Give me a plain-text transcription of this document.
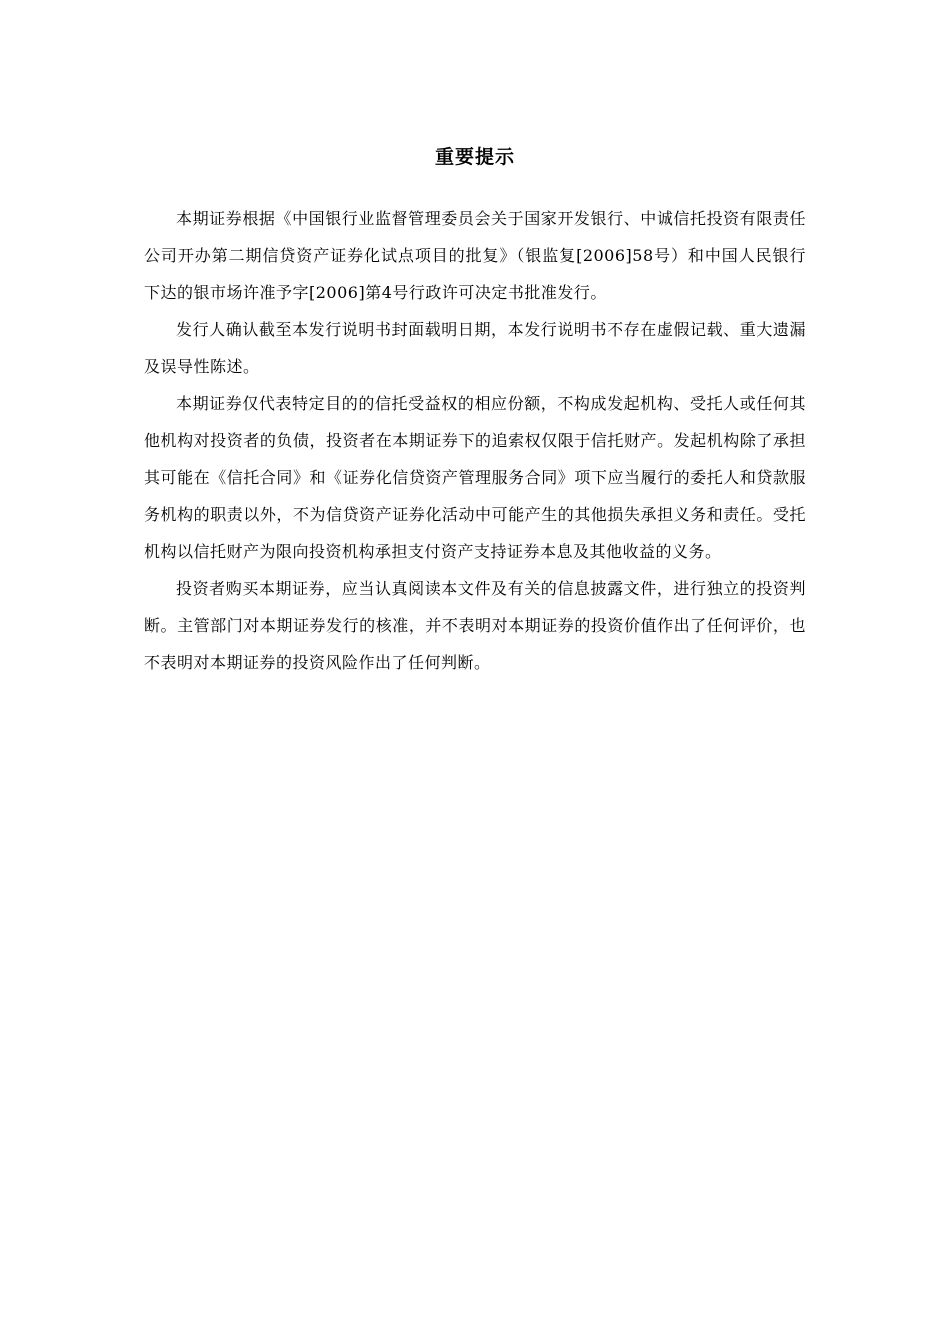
重要提示

本期证券根据《中国银行业监督管理委员会关于国家开发银行、中诚信托投资有限责任公司开办第二期信贷资产证券化试点项目的批复》（银监复[2006]58号）和中国人民银行下达的银市场许准予字[2006]第4号行政许可决定书批准发行。

发行人确认截至本发行说明书封面载明日期，本发行说明书不存在虚假记载、重大遗漏及误导性陈述。

本期证券仅代表特定目的的信托受益权的相应份额，不构成发起机构、受托人或任何其他机构对投资者的负债，投资者在本期证券下的追索权仅限于信托财产。发起机构除了承担其可能在《信托合同》和《证券化信贷资产管理服务合同》项下应当履行的委托人和贷款服务机构的职责以外，不为信贷资产证券化活动中可能产生的其他损失承担义务和责任。受托机构以信托财产为限向投资机构承担支付资产支持证券本息及其他收益的义务。

投资者购买本期证券，应当认真阅读本文件及有关的信息披露文件，进行独立的投资判断。主管部门对本期证券发行的核准，并不表明对本期证券的投资价值作出了任何评价，也不表明对本期证券的投资风险作出了任何判断。
